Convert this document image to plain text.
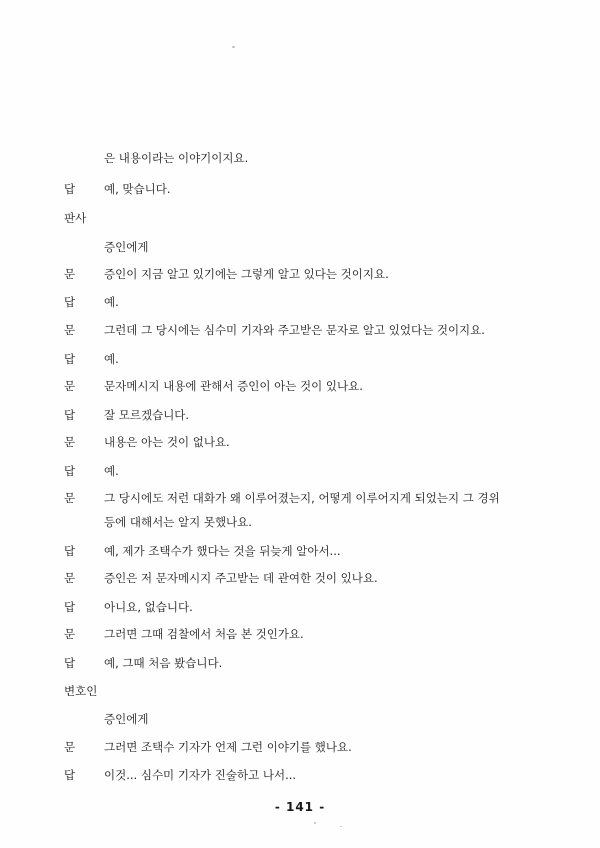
은 내용이라는 이야기이지요.
답	예, 맞습니다.
판사
증인에게
문	증인이 지금 알고 있기에는 그렇게 알고 있다는 것이지요.
답	예.
문	그런데 그 당시에는 심수미 기자와 주고받은 문자로 알고 있었다는 것이지요.
답	예.
문	문자메시지 내용에 관해서 증인이 아는 것이 있나요.
답	잘 모르겠습니다.
문	내용은 아는 것이 없나요.
답	예.
문	그 당시에도 저런 대화가 왜 이루어졌는지, 어떻게 이루어지게 되었는지 그 경위
등에 대해서는 알지 못했나요.
답	예, 제가 조택수가 했다는 것을 뒤늦게 알아서...
문	증인은 저 문자메시지 주고받는 데 관여한 것이 있나요.
답	아니요, 없습니다.
문	그러면 그때 검찰에서 처음 본 것인가요.
답	예, 그때 처음 봤습니다.
변호인
증인에게
문	그러면 조택수 기자가 언제 그런 이야기를 했나요.
답	이것... 심수미 기자가 진술하고 나서...
- 141 -
